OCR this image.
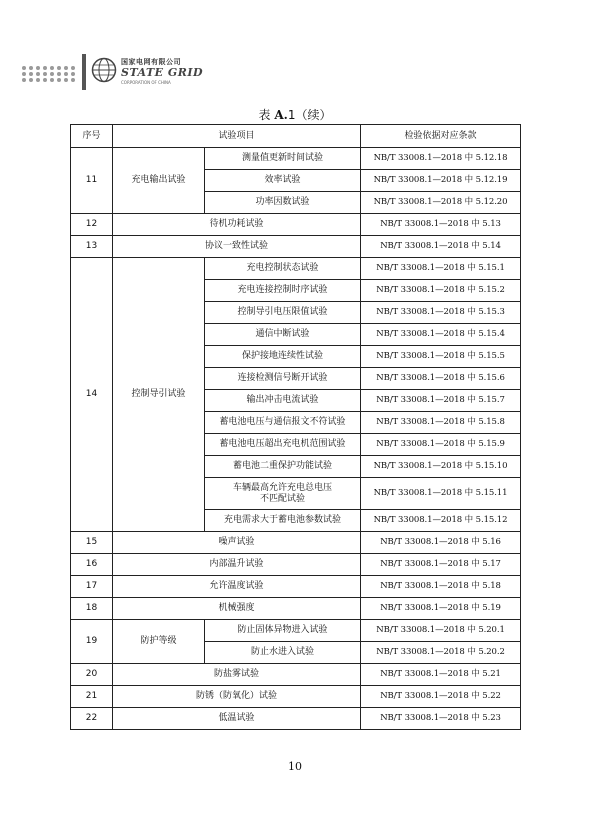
国家电网有限公司
STATE GRID
CORPORATION OF CHINA
表 A.1（续）
序号	试验项目		检验依据对应条款
11	充电输出试验	测量值更新时间试验	NB/T 33008.1—2018 中 5.12.18
		效率试验	NB/T 33008.1—2018 中 5.12.19
		功率因数试验	NB/T 33008.1—2018 中 5.12.20
12	待机功耗试验		NB/T 33008.1—2018 中 5.13
13	协议一致性试验		NB/T 33008.1—2018 中 5.14
14	控制导引试验	充电控制状态试验	NB/T 33008.1—2018 中 5.15.1
		充电连接控制时序试验	NB/T 33008.1—2018 中 5.15.2
		控制导引电压限值试验	NB/T 33008.1—2018 中 5.15.3
		通信中断试验	NB/T 33008.1—2018 中 5.15.4
		保护接地连续性试验	NB/T 33008.1—2018 中 5.15.5
		连接检测信号断开试验	NB/T 33008.1—2018 中 5.15.6
		输出冲击电流试验	NB/T 33008.1—2018 中 5.15.7
		蓄电池电压与通信报文不符试验	NB/T 33008.1—2018 中 5.15.8
		蓄电池电压超出充电机范围试验	NB/T 33008.1—2018 中 5.15.9
		蓄电池二重保护功能试验	NB/T 33008.1—2018 中 5.15.10
		车辆最高允许充电总电压
不匹配试验	NB/T 33008.1—2018 中 5.15.11
		充电需求大于蓄电池参数试验	NB/T 33008.1—2018 中 5.15.12
15	噪声试验		NB/T 33008.1—2018 中 5.16
16	内部温升试验		NB/T 33008.1—2018 中 5.17
17	允许温度试验		NB/T 33008.1—2018 中 5.18
18	机械强度		NB/T 33008.1—2018 中 5.19
19	防护等级	防止固体异物进入试验	NB/T 33008.1—2018 中 5.20.1
		防止水进入试验	NB/T 33008.1—2018 中 5.20.2
20	防盐雾试验		NB/T 33008.1—2018 中 5.21
21	防锈（防氧化）试验		NB/T 33008.1—2018 中 5.22
22	低温试验		NB/T 33008.1—2018 中 5.23
10
